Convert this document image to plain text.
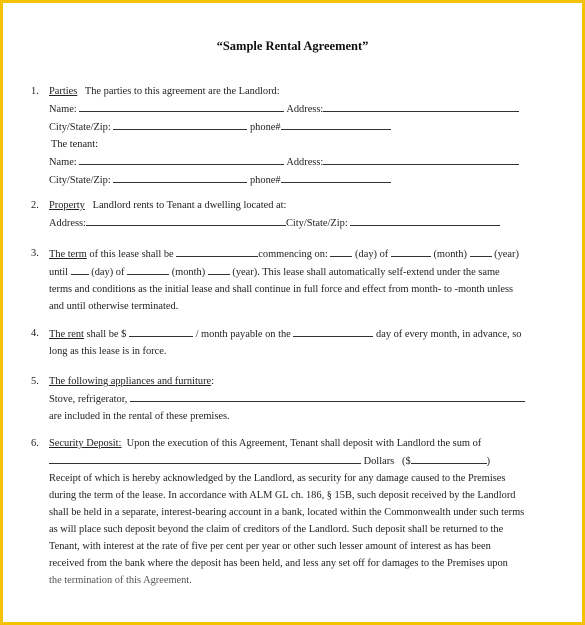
“Sample Rental Agreement”
1. Parties The parties to this agreement are the Landlord:
Name:	Address:
City/State/Zip:	phone#
The tenant:
Name:	Address:
City/State/Zip:	phone#
2. Property Landlord rents to Tenant a dwelling located at:
Address:	City/State/Zip:
3. The term of this lease shall be	commencing on:	(day) of	(month)	(year)
until (day) of	(month)	(year). This lease shall automatically self-extend under the same
terms and conditions as the initial lease and shall continue in full force and effect from month- to -month unless
and until otherwise terminated.
4. The rent shall be $	/ month payable on the	day of every month, in advance, so
long as this lease is in force.
5. The following appliances and furniture:
Stove, refrigerator,
are included in the rental of these premises.
6. Security Deposit: Upon the execution of this Agreement, Tenant shall deposit with Landlord the sum of
Dollars ($	)
Receipt of which is hereby acknowledged by the Landlord, as security for any damage caused to the Premises
during the term of the lease. In accordance with ALM GL ch. 186, § 15B, such deposit received by the Landlord
shall be held in a separate, interest-bearing account in a bank, located within the Commonwealth under such terms
as will place such deposit beyond the claim of creditors of the Landlord. Such deposit shall be returned to the
Tenant, with interest at the rate of five per cent per year or other such lesser amount of interest as has been
received from the bank where the deposit has been held, and less any set off for damages to the Premises upon
the termination of this Agreement.
